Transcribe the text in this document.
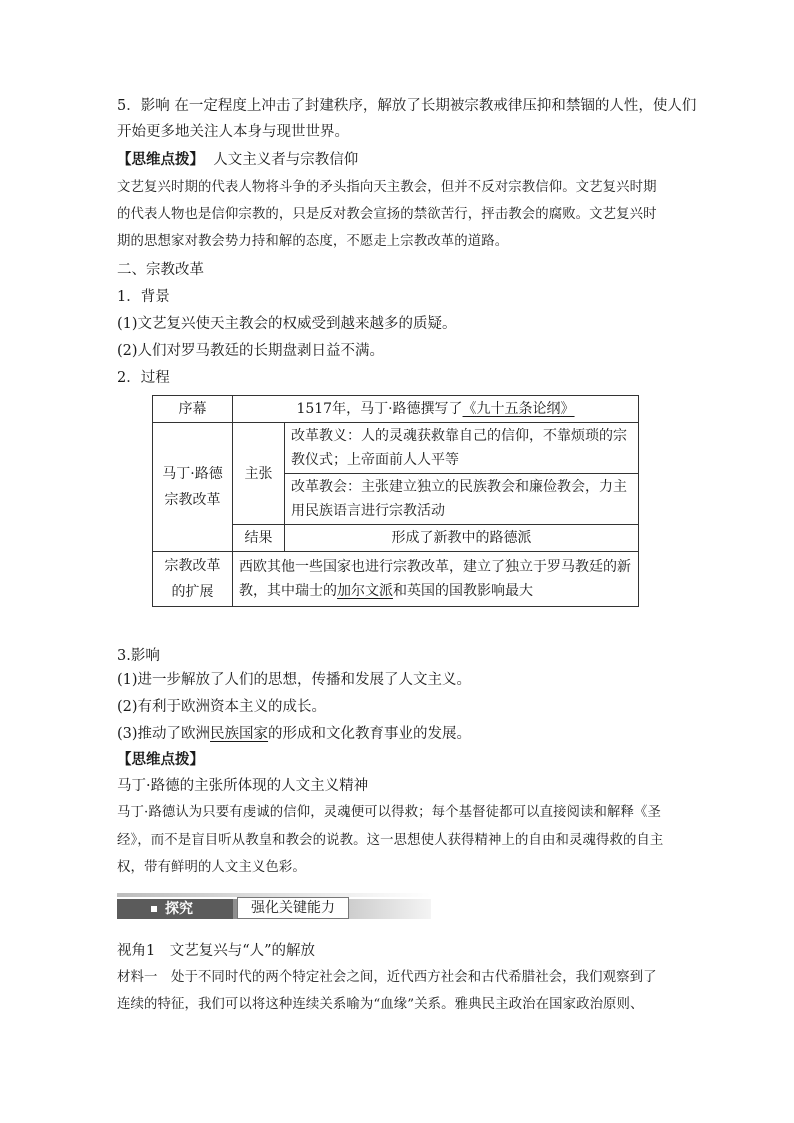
5．影响 在一定程度上冲击了封建秩序，解放了长期被宗教戒律压抑和禁锢的人性，使人们
开始更多地关注人本身与现世世界。
【思维点拨】 人文主义者与宗教信仰
文艺复兴时期的代表人物将斗争的矛头指向天主教会，但并不反对宗教信仰。文艺复兴时期
的代表人物也是信仰宗教的，只是反对教会宣扬的禁欲苦行，抨击教会的腐败。文艺复兴时
期的思想家对教会势力持和解的态度，不愿走上宗教改革的道路。
二、宗教改革
1．背景
(1)文艺复兴使天主教会的权威受到越来越多的质疑。
(2)人们对罗马教廷的长期盘剥日益不满。
2．过程
序幕	1517年，马丁·路德撰写了《九十五条论纲》	
马丁·路德宗教改革	主张	改革教义：人的灵魂获救靠自己的信仰，不靠烦琐的宗教仪式；上帝面前人人平等
		改革教会：主张建立独立的民族教会和廉俭教会，力主用民族语言进行宗教活动
	结果	形成了新教中的路德派
宗教改革的扩展	西欧其他一些国家也进行宗教改革，建立了独立于罗马教廷的新教，其中瑞士的加尔文派和英国的国教影响最大	
3.影响
(1)进一步解放了人们的思想，传播和发展了人文主义。
(2)有利于欧洲资本主义的成长。
(3)推动了欧洲民族国家的形成和文化教育事业的发展。
【思维点拨】
马丁·路德的主张所体现的人文主义精神
马丁·路德认为只要有虔诚的信仰，灵魂便可以得救；每个基督徒都可以直接阅读和解释《圣
经》，而不是盲目听从教皇和教会的说教。这一思想使人获得精神上的自由和灵魂得救的自主
权，带有鲜明的人文主义色彩。
探究	强化关键能力
视角1　文艺复兴与“人”的解放
材料一　处于不同时代的两个特定社会之间，近代西方社会和古代希腊社会，我们观察到了
连续的特征，我们可以将这种连续关系喻为“血缘”关系。雅典民主政治在国家政治原则、
